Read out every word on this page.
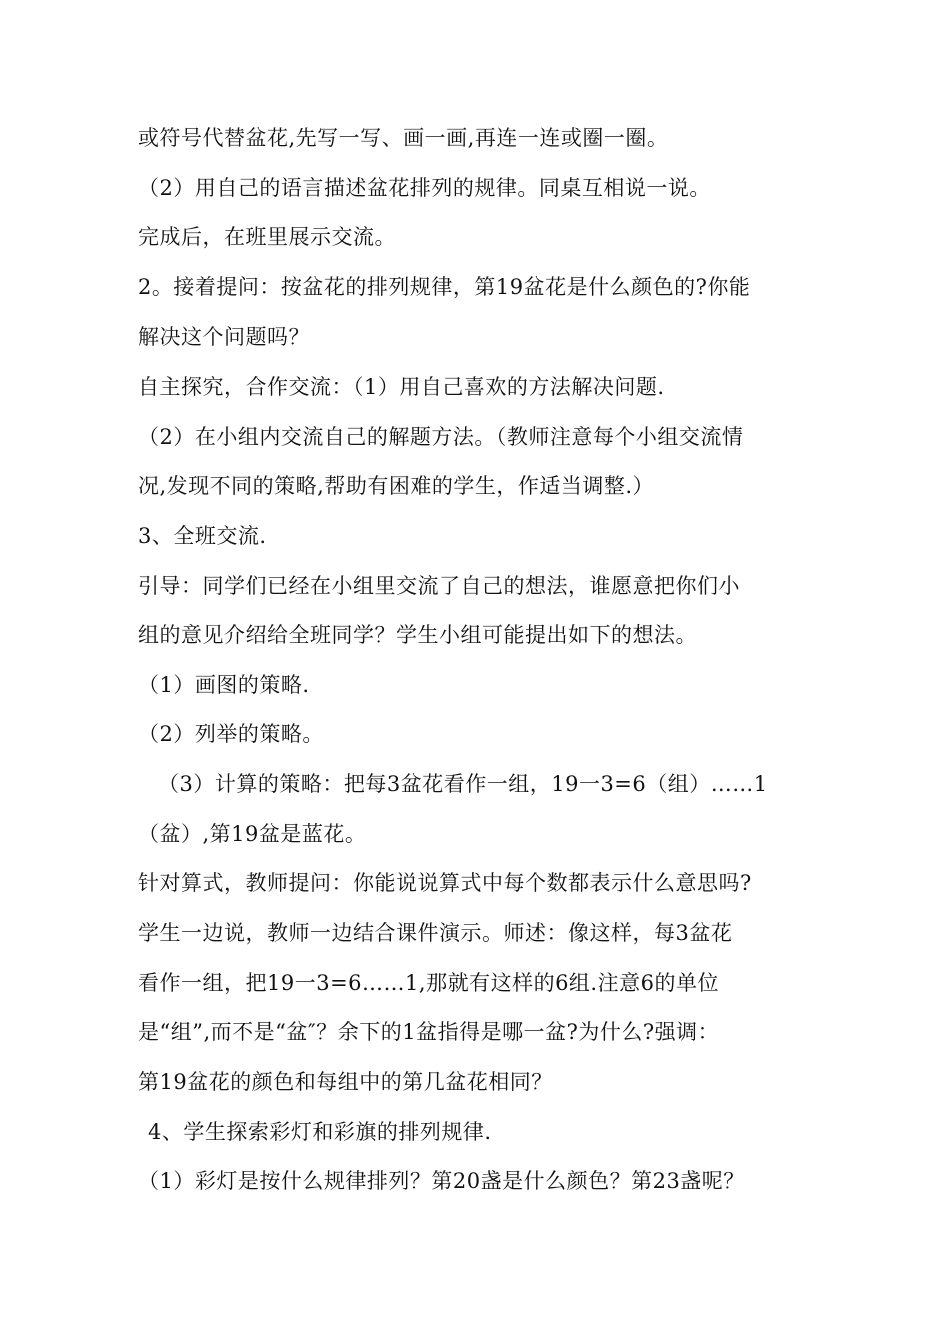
或符号代替盆花,先写一写、画一画,再连一连或圈一圈。
（2）用自己的语言描述盆花排列的规律。同桌互相说一说。
完成后，在班里展示交流。
2。接着提问：按盆花的排列规律，第19盆花是什么颜色的?你能
解决这个问题吗？
自主探究，合作交流：（1）用自己喜欢的方法解决问题.
（2）在小组内交流自己的解题方法。（教师注意每个小组交流情
况,发现不同的策略,帮助有困难的学生，作适当调整.）
3、全班交流.
引导：同学们已经在小组里交流了自己的想法，谁愿意把你们小
组的意见介绍给全班同学？学生小组可能提出如下的想法。
（1）画图的策略.
（2）列举的策略。
（3）计算的策略：把每3盆花看作一组，19一3=6（组）……1
（盆）,第19盆是蓝花。
针对算式，教师提问：你能说说算式中每个数都表示什么意思吗?
学生一边说，教师一边结合课件演示。师述：像这样，每3盆花
看作一组，把19一3=6……1,那就有这样的6组.注意6的单位
是“组”,而不是“盆″？余下的1盆指得是哪一盆?为什么?强调：
第19盆花的颜色和每组中的第几盆花相同？
4、学生探索彩灯和彩旗的排列规律.
（1）彩灯是按什么规律排列？第20盏是什么颜色？第23盏呢？
